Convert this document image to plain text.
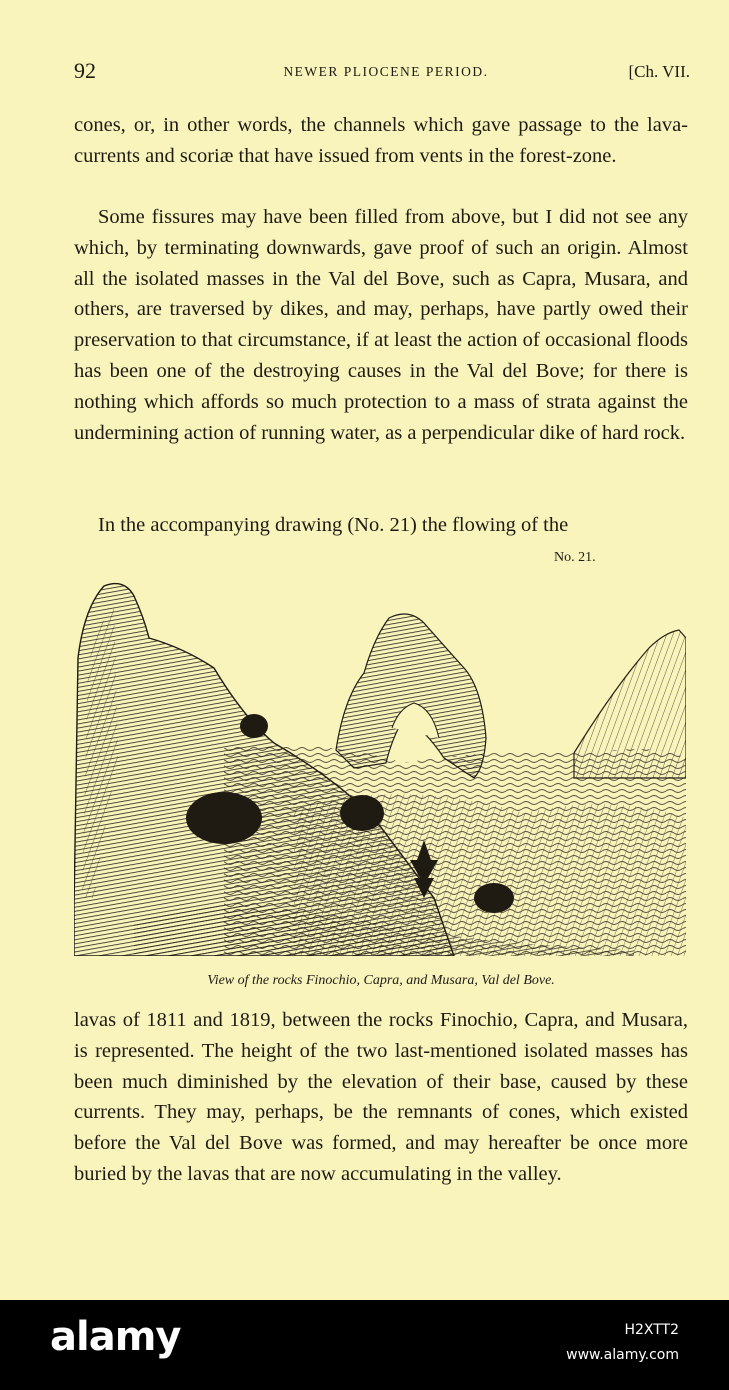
92	NEWER PLIOCENE PERIOD.	[Ch. VII.

cones, or, in other words, the channels which gave passage to the lava-currents and scoriæ that have issued from vents in the forest-zone.

Some fissures may have been filled from above, but I did not see any which, by terminating downwards, gave proof of such an origin. Almost all the isolated masses in the Val del Bove, such as Capra, Musara, and others, are traversed by dikes, and may, perhaps, have partly owed their preservation to that circumstance, if at least the action of occasional floods has been one of the destroying causes in the Val del Bove; for there is nothing which affords so much protection to a mass of strata against the undermining action of running water, as a perpendicular dike of hard rock.

In the accompanying drawing (No. 21) the flowing of the

No. 21.
View of the rocks Finochio, Capra, and Musara, Val del Bove.

lavas of 1811 and 1819, between the rocks Finochio, Capra, and Musara, is represented. The height of the two last-mentioned isolated masses has been much diminished by the elevation of their base, caused by these currents. They may, perhaps, be the remnants of cones, which existed before the Val del Bove was formed, and may hereafter be once more buried by the lavas that are now accumulating in the valley.

alamy	H2XTT2
www.alamy.com
